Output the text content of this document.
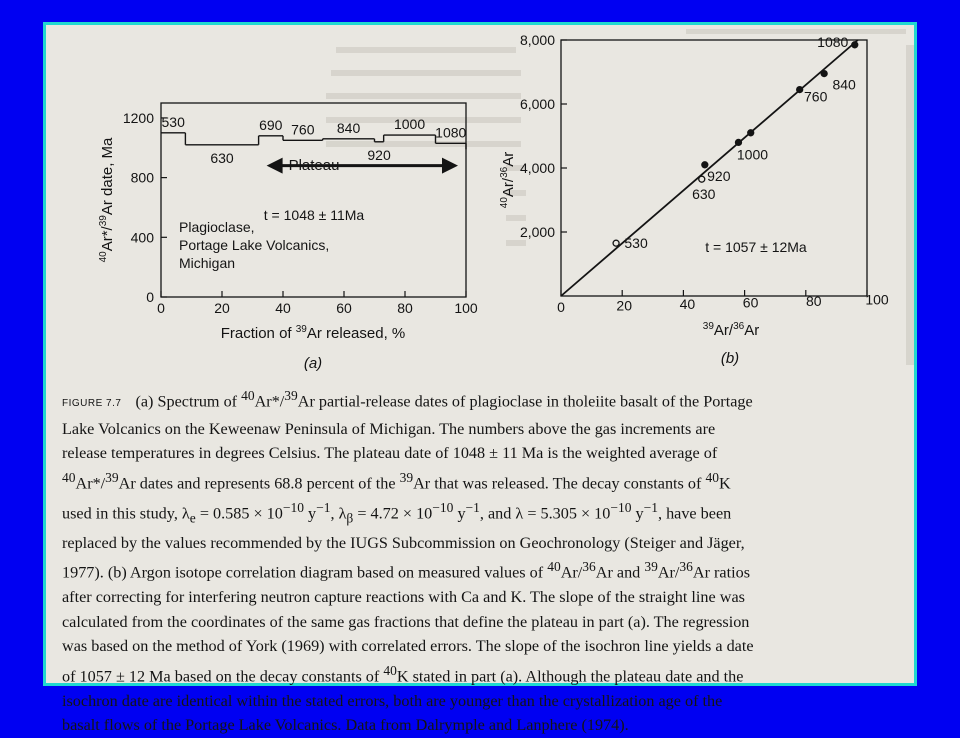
0
400
800
1200
0	20	40	60	80	100
530
630
690 760 840
920
1000
1080
Plateau
t = 1048 ± 11Ma
Plagioclase,
Portage Lake Volcanics,
Michigan
$^{40}$Ar*/$^{39}$Ar date, Ma
Fraction of $^{39}$Ar released, %
(a)
2,000
4,000
6,000
8,000
0	20	40	60	80	100
530
630
920
1000
760
840
1080
t = 1057 ± 12Ma
$^{40}$Ar/$^{36}$Ar
$^{39}$Ar/$^{36}$Ar
(b)
FIGURE 7.7 (a) Spectrum of $^{40}$Ar*/$^{39}$Ar partial-release dates of plagioclase in tholeiite basalt of the Portage
Lake Volcanics on the Keweenaw Peninsula of Michigan. The numbers above the gas increments are
release temperatures in degrees Celsius. The plateau date of 1048 ± 11 Ma is the weighted average of
$^{40}$Ar*/$^{39}$Ar dates and represents 68.8 percent of the $^{39}$Ar that was released. The decay constants of $^{40}$K
used in this study, $\lambda_e = 0.585 \times 10^{-10}$ $y^{-1}$, $\lambda_\beta = 4.72 \times 10^{-10}$ $y^{-1}$, and $\lambda = 5.305 \times 10^{-10}$ $y^{-1}$, have been
replaced by the values recommended by the IUGS Subcommission on Geochronology (Steiger and Jäger,
1977). (b) Argon isotope correlation diagram based on measured values of $^{40}$Ar/$^{36}$Ar and $^{39}$Ar/$^{36}$Ar ratios
after correcting for interfering neutron capture reactions with Ca and K. The slope of the straight line was
calculated from the coordinates of the same gas fractions that define the plateau in part (a). The regression
was based on the method of York (1969) with correlated errors. The slope of the isochron line yields a date
of 1057 ± 12 Ma based on the decay constants of $^{40}$K stated in part (a). Although the plateau date and the
isochron date are identical within the stated errors, both are younger than the crystallization age of the
basalt flows of the Portage Lake Volcanics. Data from Dalrymple and Lanphere (1974).
